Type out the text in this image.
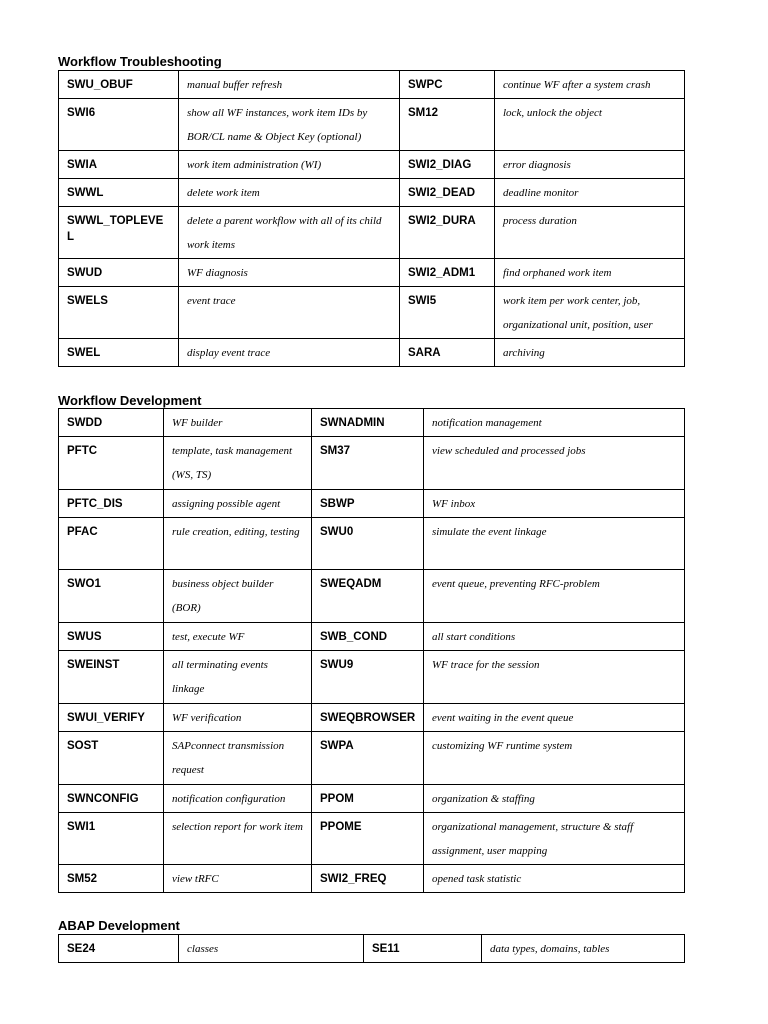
Workflow Troubleshooting
SWU_OBUF	manual buffer refresh	SWPC	continue WF after a system crash
SWI6	show all WF instances, work item IDs by BOR/CL name & Object Key (optional)	SM12	lock, unlock the object
SWIA	work item administration (WI)	SWI2_DIAG	error diagnosis
SWWL	delete work item	SWI2_DEAD	deadline monitor
SWWL_TOPLEVEL	delete a parent workflow with all of its child work items	SWI2_DURA	process duration
SWUD	WF diagnosis	SWI2_ADM1	find orphaned work item
SWELS	event trace	SWI5	work item per work center, job, organizational unit, position, user
SWEL	display event trace	SARA	archiving
Workflow Development
SWDD	WF builder	SWNADMIN	notification management
PFTC	template, task management (WS, TS)	SM37	view scheduled and processed jobs
PFTC_DIS	assigning possible agent	SBWP	WF inbox
PFAC	rule creation, editing, testing	SWU0	simulate the event linkage
SWO1	business object builder (BOR)	SWEQADM	event queue, preventing RFC-problem
SWUS	test, execute WF	SWB_COND	all start conditions
SWEINST	all terminating events linkage	SWU9	WF trace for the session
SWUI_VERIFY	WF verification	SWEQBROWSER	event waiting in the event queue
SOST	SAPconnect transmission request	SWPA	customizing WF runtime system
SWNCONFIG	notification configuration	PPOM	organization & staffing
SWI1	selection report for work item	PPOME	organizational management, structure & staff assignment, user mapping
SM52	view tRFC	SWI2_FREQ	opened task statistic
ABAP Development
SE24	classes	SE11	data types, domains, tables
